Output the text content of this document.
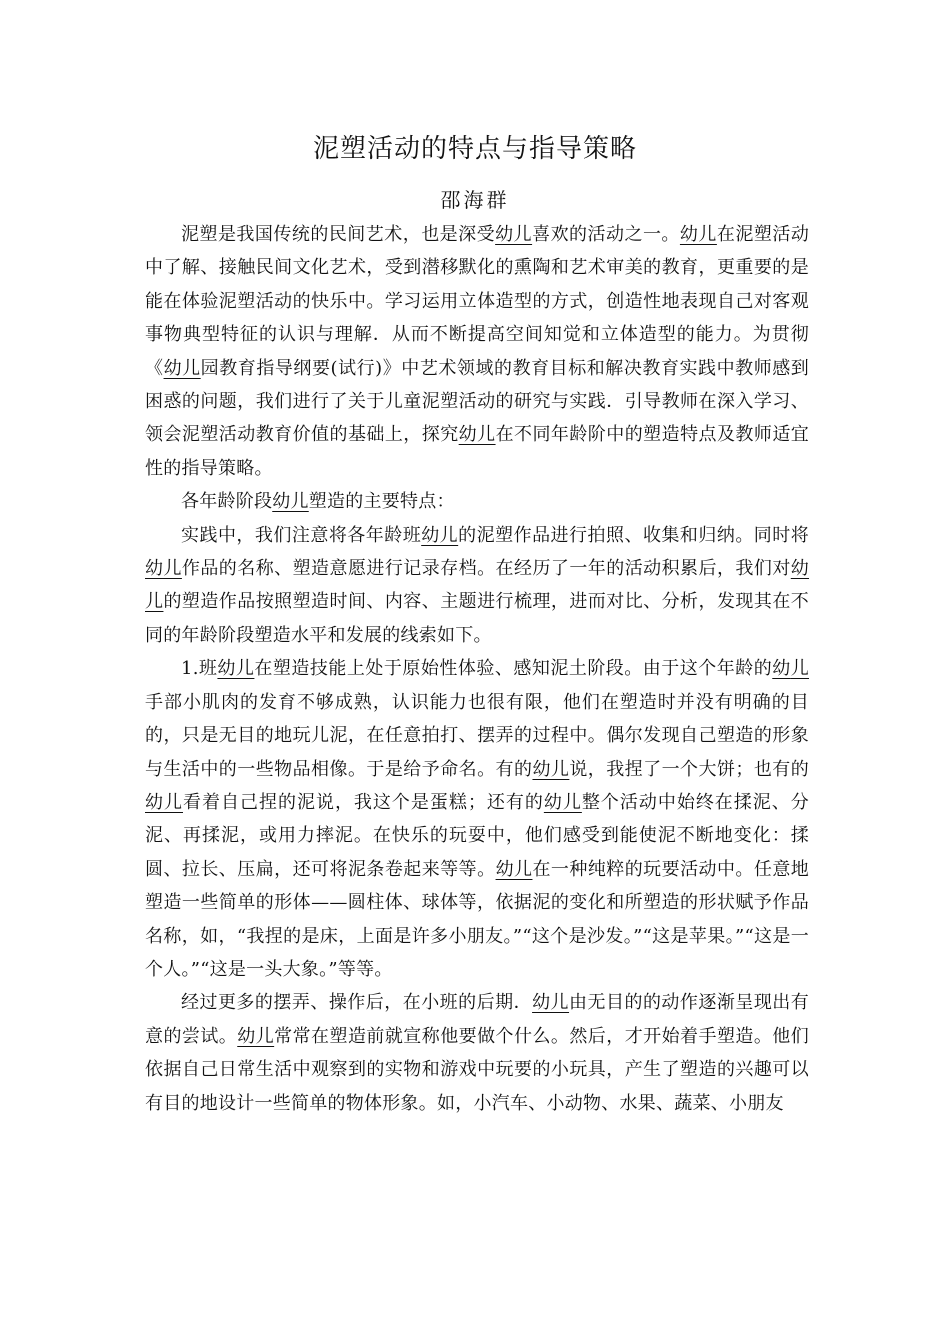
泥塑活动的特点与指导策略
邵海群

泥塑是我国传统的民间艺术，也是深受幼儿喜欢的活动之一。幼儿在泥塑活动中了解、接触民间文化艺术，受到潜移默化的熏陶和艺术审美的教育，更重要的是能在体验泥塑活动的快乐中。学习运用立体造型的方式，创造性地表现自己对客观事物典型特征的认识与理解．从而不断提高空间知觉和立体造型的能力。为贯彻《幼儿园教育指导纲要(试行)》中艺术领域的教育目标和解决教育实践中教师感到困惑的问题，我们进行了关于儿童泥塑活动的研究与实践．引导教师在深入学习、领会泥塑活动教育价值的基础上，探究幼儿在不同年龄阶中的塑造特点及教师适宜性的指导策略。

各年龄阶段幼儿塑造的主要特点：

实践中，我们注意将各年龄班幼儿的泥塑作品进行拍照、收集和归纳。同时将幼儿作品的名称、塑造意愿进行记录存档。在经历了一年的活动积累后，我们对幼儿的塑造作品按照塑造时间、内容、主题进行梳理，进而对比、分析，发现其在不同的年龄阶段塑造水平和发展的线索如下。

1.班幼儿在塑造技能上处于原始性体验、感知泥土阶段。由于这个年龄的幼儿手部小肌肉的发育不够成熟，认识能力也很有限，他们在塑造时并没有明确的目的，只是无目的地玩儿泥，在任意拍打、摆弄的过程中。偶尔发现自己塑造的形象与生活中的一些物品相像。于是给予命名。有的幼儿说，我捏了一个大饼；也有的幼儿看着自己捏的泥说，我这个是蛋糕；还有的幼儿整个活动中始终在揉泥、分泥、再揉泥，或用力摔泥。在快乐的玩耍中，他们感受到能使泥不断地变化：揉圆、拉长、压扁，还可将泥条卷起来等等。幼儿在一种纯粹的玩要活动中。任意地塑造一些简单的形体——圆柱体、球体等，依据泥的变化和所塑造的形状赋予作品名称，如，“我捏的是床，上面是许多小朋友。”“这个是沙发。”“这是苹果。”“这是一个人。”“这是一头大象。”等等。

经过更多的摆弄、操作后，在小班的后期．幼儿由无目的的动作逐渐呈现出有意的尝试。幼儿常常在塑造前就宣称他要做个什么。然后，才开始着手塑造。他们依据自己日常生活中观察到的实物和游戏中玩要的小玩具，产生了塑造的兴趣可以有目的地设计一些简单的物体形象。如，小汽车、小动物、水果、蔬菜、小朋友
